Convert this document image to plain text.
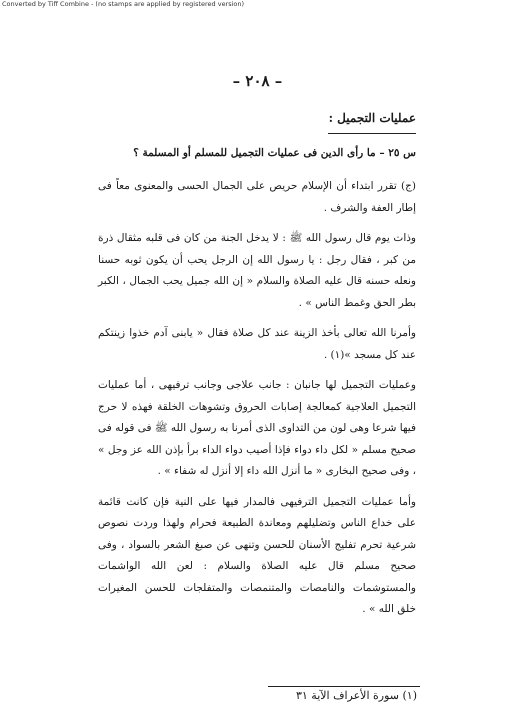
Converted by Tiff Combine - (no stamps are applied by registered version)
– ٢٠٨ –

عمليات التجميل :

س ٢٥ – ما رأى الدين فى عمليات التجميل للمسلم أو المسلمة ؟

(ج) تقرر ابتداء أن الإسلام حريص على الجمال الحسى والمعنوى معاً فى إطار العفة والشرف .

وذات يوم قال رسول الله ﷺ : لا يدخل الجنة من كان فى قلبه مثقال ذرة من كبر ، فقال رجل : يا رسول الله إن الرجل يحب أن يكون ثوبه حسنا ونعله حسنه قال عليه الصلاة والسلام « إن الله جميل يحب الجمال ، الكبر بطر الحق وغمط الناس » .

وأمرنا الله تعالى بأخذ الزينة عند كل صلاة فقال « يابنى آدم خذوا زينتكم عند كل مسجد »(١) .

وعمليات التجميل لها جانبان : جانب علاجى وجانب ترفيهى ، أما عمليات التجميل العلاجية كمعالجة إصابات الحروق وتشوهات الخلقة فهذه لا حرج فيها شرعا وهى لون من التداوى الذى أمرنا به رسول الله ﷺ فى قوله فى صحيح مسلم « لكل داء دواء فإذا أصيب دواء الداء برأ بإذن الله عز وجل » ، وفى صحيح البخارى « ما أنزل الله داء إلا أنزل له شفاء » .

وأما عمليات التجميل الترفيهى فالمدار فيها على النية فإن كانت قائمة على خداع الناس وتضليلهم ومعاندة الطبيعة فحرام ولهذا وردت نصوص شرعية تحرم تفليج الأسنان للحسن وتنهى عن صبغ الشعر بالسواد ، وفى صحيح مسلم قال عليه الصلاة والسلام : لعن الله الواشمات والمستوشمات والنامصات والمتنمصات والمتفلجات للحسن المغيرات خلق الله » .

(١) سورة الأعراف الآية ٣١
